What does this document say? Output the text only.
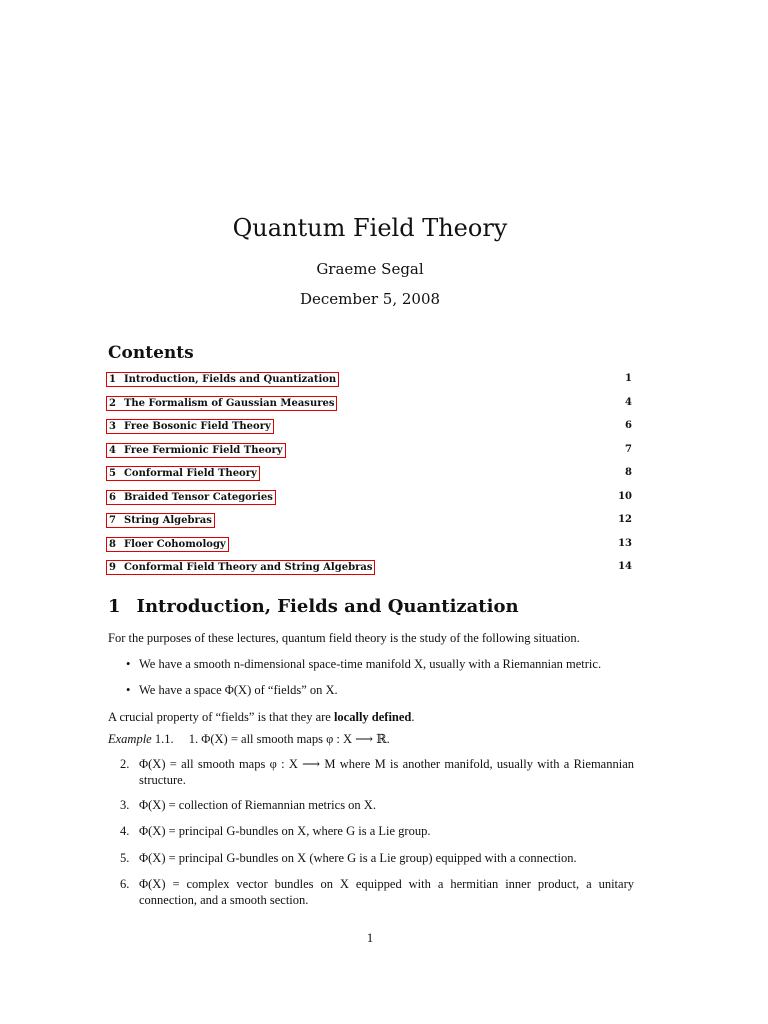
Quantum Field Theory
Graeme Segal
December 5, 2008
Contents
1 Introduction, Fields and Quantization	1
2 The Formalism of Gaussian Measures	4
3 Free Bosonic Field Theory	6
4 Free Fermionic Field Theory	7
5 Conformal Field Theory	8
6 Braided Tensor Categories	10
7 String Algebras	12
8 Floer Cohomology	13
9 Conformal Field Theory and String Algebras	14
1 Introduction, Fields and Quantization
For the purposes of these lectures, quantum field theory is the study of the following situation.
• We have a smooth n-dimensional space-time manifold X, usually with a Riemannian metric.
• We have a space Φ(X) of “fields” on X.
A crucial property of “fields” is that they are locally defined.
Example 1.1. 1. Φ(X) = all smooth maps φ : X ⟶ ℝ.
2. Φ(X) = all smooth maps φ : X ⟶ M where M is another manifold, usually with a Riemannian structure.
3. Φ(X) = collection of Riemannian metrics on X.
4. Φ(X) = principal G-bundles on X, where G is a Lie group.
5. Φ(X) = principal G-bundles on X (where G is a Lie group) equipped with a connection.
6. Φ(X) = complex vector bundles on X equipped with a hermitian inner product, a unitary connection, and a smooth section.
1
